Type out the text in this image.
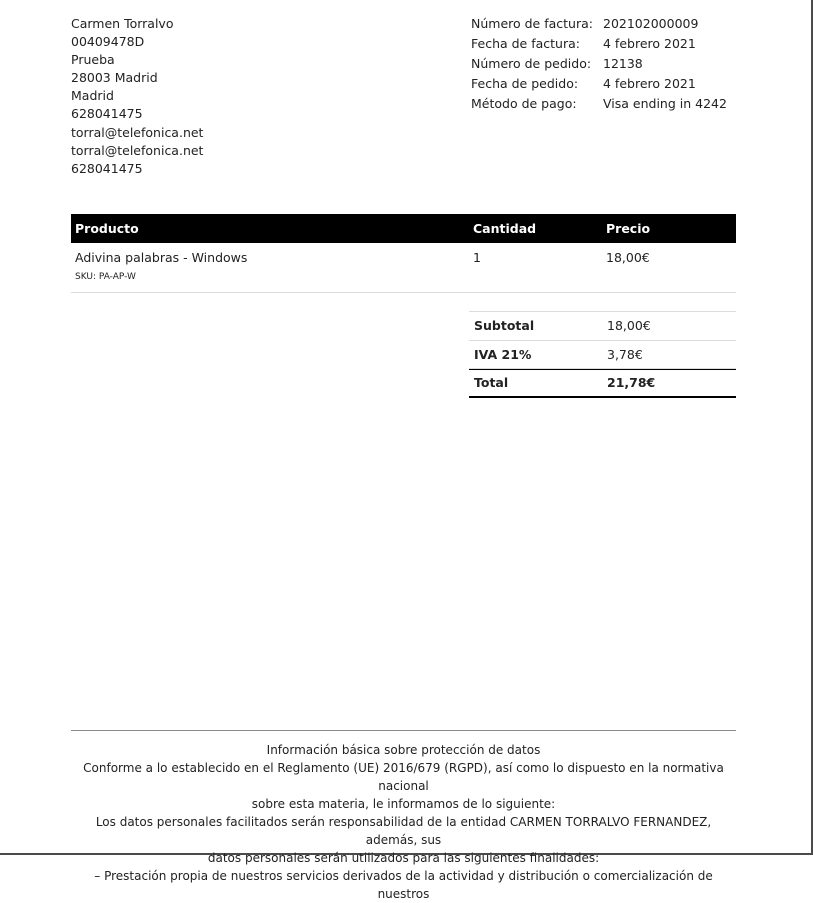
Carmen Torralvo
00409478D
Prueba
28003 Madrid
Madrid
628041475
torral@telefonica.net
torral@telefonica.net
628041475
Número de factura: 202102000009
Fecha de factura:	4 febrero 2021
Número de pedido: 12138
Fecha de pedido:	4 febrero 2021
Método de pago:	Visa ending in 4242
Producto	Cantidad	Precio
Adivina palabras - Windows
SKU: PA-AP-W
1	18,00€
Subtotal	18,00€
IVA 21%	3,78€
Total	21,78€
Información básica sobre protección de datos
Conforme a lo establecido en el Reglamento (UE) 2016/679 (RGPD), así como lo dispuesto en la normativa nacional
sobre esta materia, le informamos de lo siguiente:
Los datos personales facilitados serán responsabilidad de la entidad CARMEN TORRALVO FERNANDEZ, además, sus
datos personales serán utilizados para las siguientes finalidades:
– Prestación propia de nuestros servicios derivados de la actividad y distribución o comercialización de nuestros
